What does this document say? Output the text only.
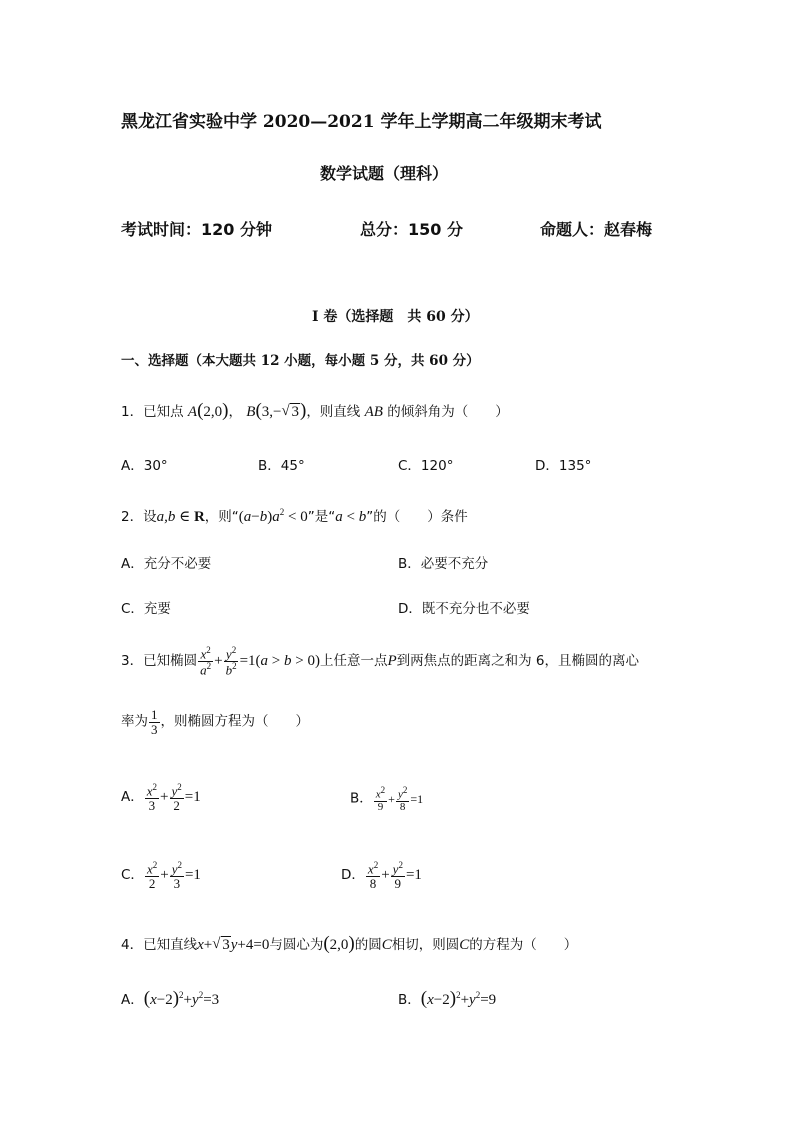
黑龙江省实验中学 2020—2021 学年上学期高二年级期末考试
数学试题（理科）
考试时间：120 分钟	总分：150 分	命题人：赵春梅
I 卷（选择题　共 60 分）
一、选择题（本大题共 12 小题，每小题 5 分，共 60 分）
1．已知点 A(2,0)， B(3,− √ 3)，则直线 AB 的倾斜角为（　　）
A．30°	B．45°	C．120°	D．135°
2．设a,b ∈ R，则“$(a-b)a^2 < 0$”是“a < b”的（　　）条件
A．充分不必要	B．必要不充分
C．充要	D．既不充分也不必要
3．已知椭圆 $\frac{x^2}{a^2} + \frac{y^2}{b^2} =1(a > b > 0)$上任意一点P到两焦点的距离之和为 6，且椭圆的离心
率为 $\frac{1}{3}$ ，则椭圆方程为（　　）
A． $\frac{x^2}{3} + \frac{y^2}{2} =1$	B． $\frac{x^2}{9} + \frac{y^2}{8} =1$
C． $\frac{x^2}{2} + \frac{y^2}{3} =1$	D． $\frac{x^2}{8} + \frac{y^2}{9} =1$
4．已知直线x+ √ 3y+4=0与圆心为(2,0)的圆C相切，则圆C的方程为（　　）
A．$(x-2)^2+y^2=3$	B．$(x-2)^2+y^2=9$
